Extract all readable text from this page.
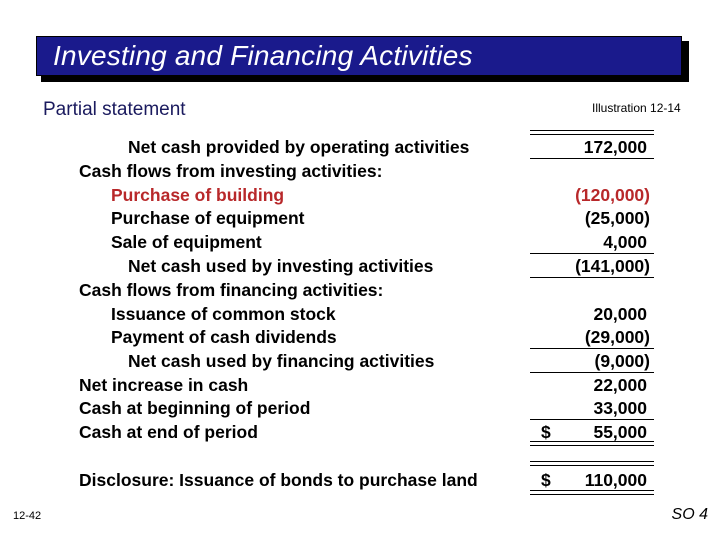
Investing and Financing Activities
Partial statement	Illustration 12-14
Net cash provided by operating activities	172,000
Cash flows from investing activities:
Purchase of building	(120,000)
Purchase of equipment	(25,000)
Sale of equipment	4,000
Net cash used by investing activities	(141,000)
Cash flows from financing activities:
Issuance of common stock	20,000
Payment of cash dividends	(29,000)
Net cash used by financing activities	(9,000)
Net increase in cash	22,000
Cash at beginning of period	33,000
Cash at end of period	$ 55,000
Disclosure: Issuance of bonds to purchase land	$ 110,000
12-42	SO 4
